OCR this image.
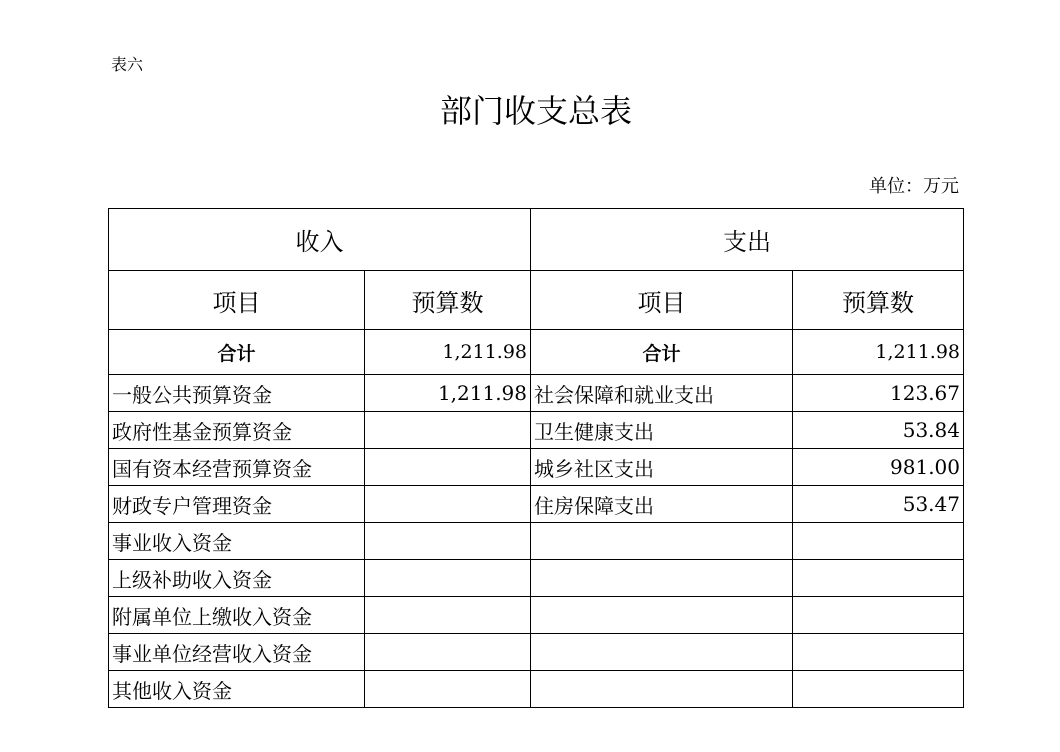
表六
部门收支总表
单位：万元
收入		支出	
项目	预算数	项目	预算数
合计	1,211.98	合计	1,211.98
一般公共预算资金	1,211.98	社会保障和就业支出	123.67
政府性基金预算资金		卫生健康支出	53.84
国有资本经营预算资金		城乡社区支出	981.00
财政专户管理资金		住房保障支出	53.47
事业收入资金			
上级补助收入资金			
附属单位上缴收入资金			
事业单位经营收入资金			
其他收入资金			
